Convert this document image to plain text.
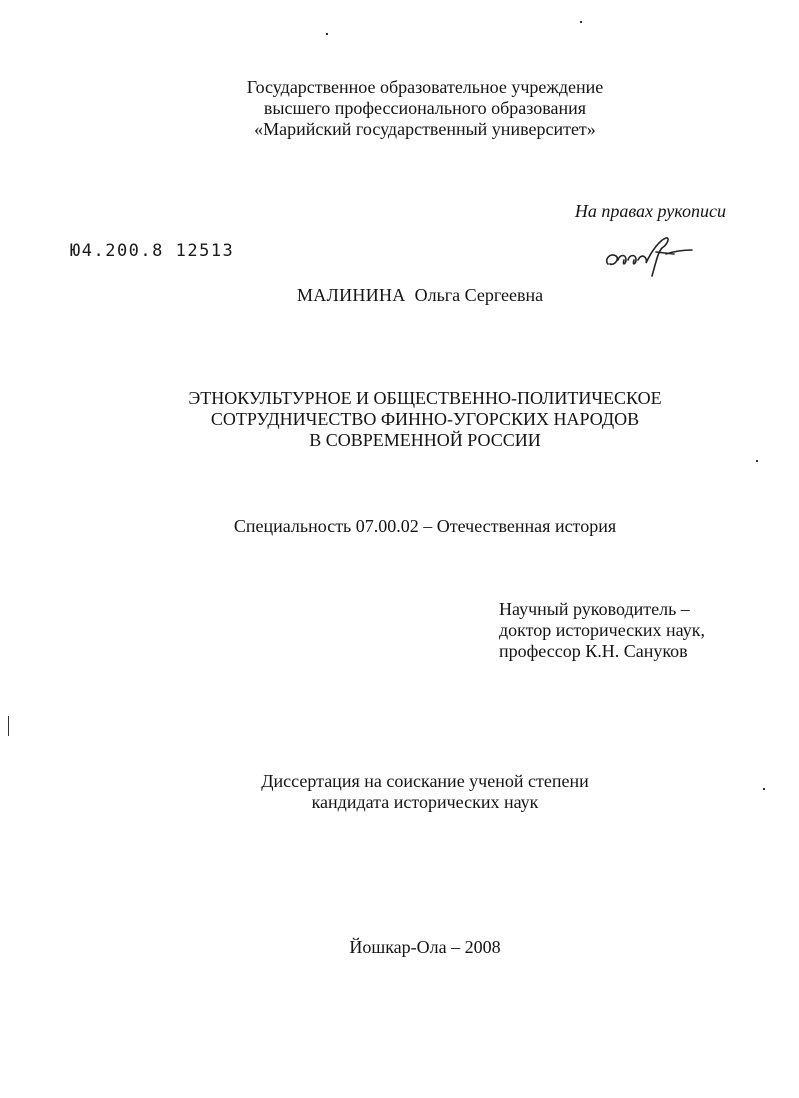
Государственное образовательное учреждение
высшего профессионального образования
«Марийский государственный университет»
На правах рукописи
Ю4.200.8 12513
МАЛИНИНА Ольга Сергеевна
ЭТНОКУЛЬТУРНОЕ И ОБЩЕСТВЕННО-ПОЛИТИЧЕСКОЕ
СОТРУДНИЧЕСТВО ФИННО-УГОРСКИХ НАРОДОВ
В СОВРЕМЕННОЙ РОССИИ
Специальность 07.00.02 – Отечественная история
Научный руководитель –
доктор исторических наук,
профессор К.Н. Сануков
Диссертация на соискание ученой степени
кандидата исторических наук
Йошкар-Ола – 2008
